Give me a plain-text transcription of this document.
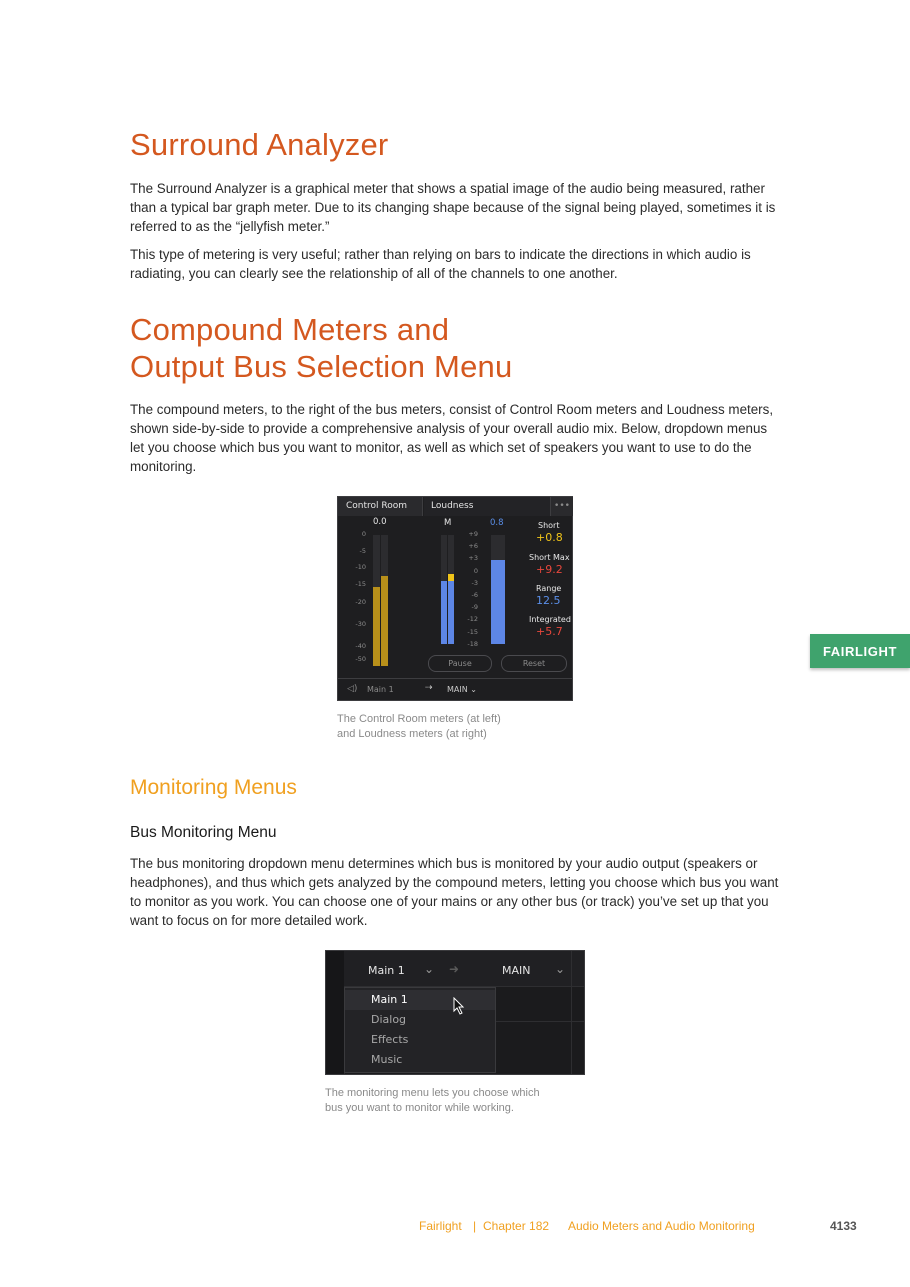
Surround Analyzer

The Surround Analyzer is a graphical meter that shows a spatial image of the audio being measured, rather than a typical bar graph meter. Due to its changing shape because of the signal being played, sometimes it is referred to as the “jellyfish meter.”

This type of metering is very useful; rather than relying on bars to indicate the directions in which audio is radiating, you can clearly see the relationship of all of the channels to one another.

Compound Meters and
Output Bus Selection Menu

The compound meters, to the right of the bus meters, consist of Control Room meters and Loudness meters, shown side-by-side to provide a comprehensive analysis of your overall audio mix. Below, dropdown menus let you choose which bus you want to monitor, as well as which set of speakers you want to use to do the monitoring.

Control Room	Loudness	•••
0.0	M	0.8
0
-5
-10
-15
-20
-30
-40
-50
+9
+6
+3
0
-3
-6
-9
-12
-15
-18
Short
+0.8
Short Max
+9.2
Range
12.5
Integrated
+5.7
Pause	Reset
◁) Main 1	⇢ MAIN ⌄

The Control Room meters (at left)
and Loudness meters (at right)

FAIRLIGHT
Monitoring Menus
Bus Monitoring Menu

The bus monitoring dropdown menu determines which bus is monitored by your audio output (speakers or headphones), and thus which gets analyzed by the compound meters, letting you choose which bus you want to monitor as you work. You can choose one of your mains or any other bus (or track) you’ve set up that you want to focus on for more detailed work.

Main 1 ⌄ ➜	MAIN ⌄
Main 1
Dialog
Effects
Music

The monitoring menu lets you choose which
bus you want to monitor while working.

Fairlight | Chapter 182 Audio Meters and Audio Monitoring	4133
